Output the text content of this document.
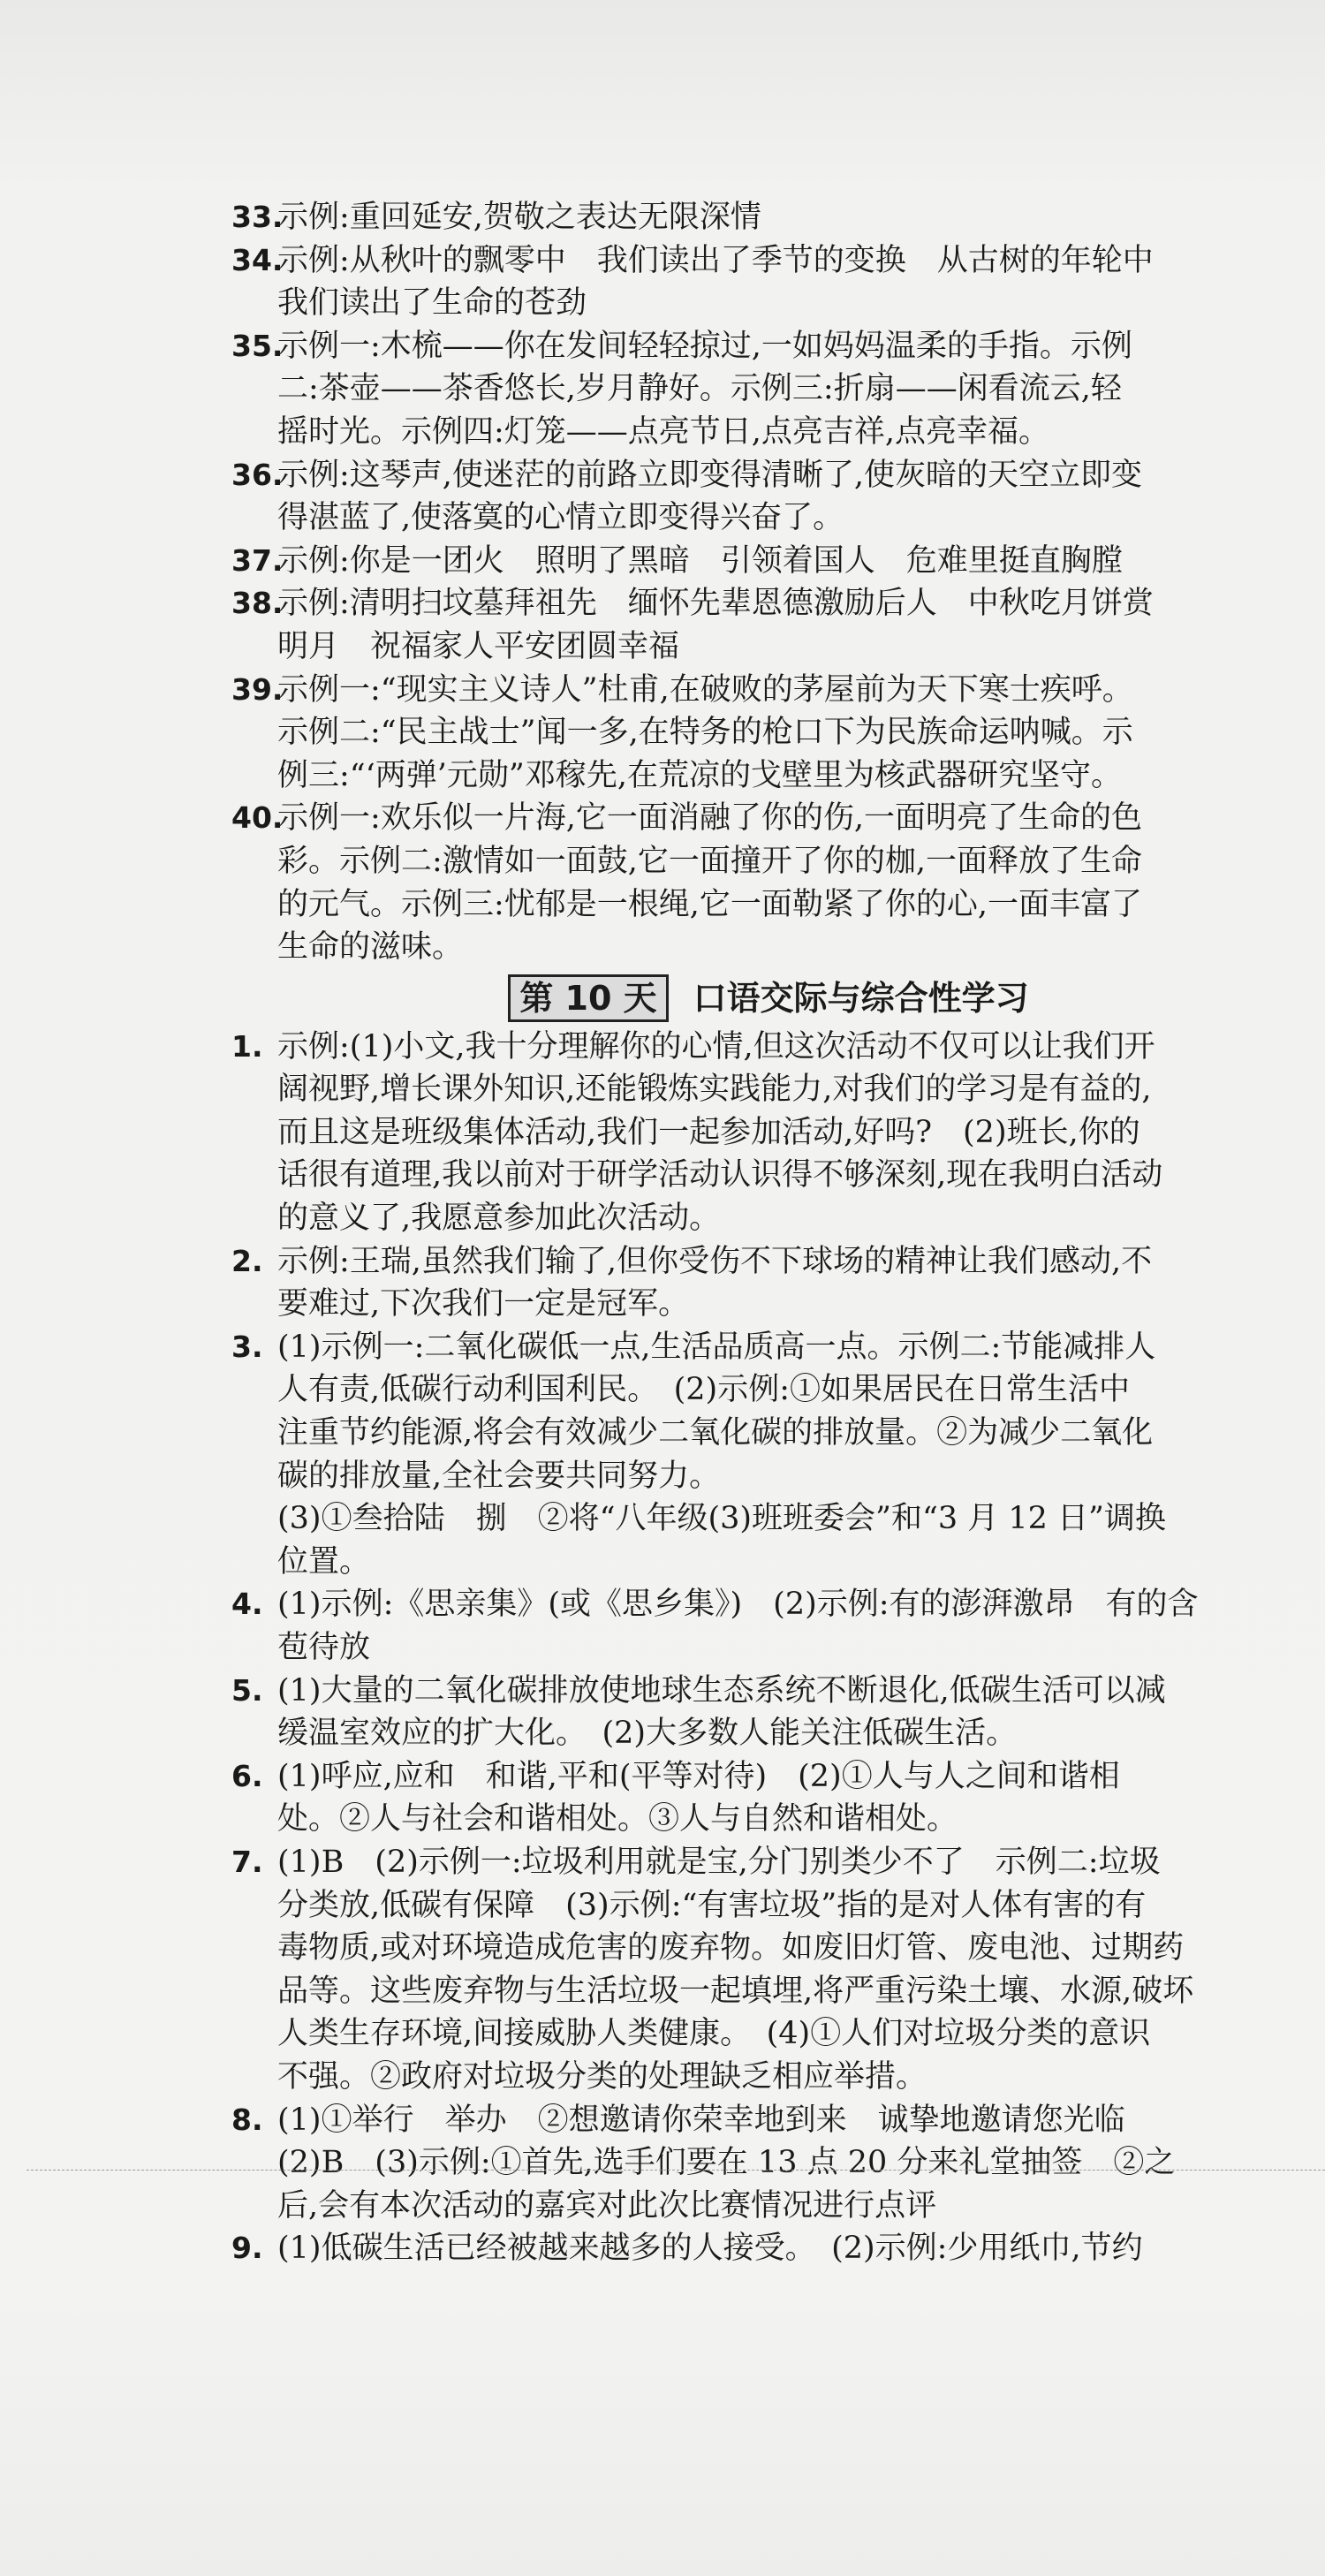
33.
示例:重回延安,贺敬之表达无限深情
34.
示例:从秋叶的飘零中　我们读出了季节的变换　从古树的年轮中
我们读出了生命的苍劲
35.
示例一:木梳——你在发间轻轻掠过,一如妈妈温柔的手指。示例
二:茶壶——茶香悠长,岁月静好。示例三:折扇——闲看流云,轻
摇时光。示例四:灯笼——点亮节日,点亮吉祥,点亮幸福。
36.
示例:这琴声,使迷茫的前路立即变得清晰了,使灰暗的天空立即变
得湛蓝了,使落寞的心情立即变得兴奋了。
37.
示例:你是一团火　照明了黑暗　引领着国人　危难里挺直胸膛
38.
示例:清明扫坟墓拜祖先　缅怀先辈恩德激励后人　中秋吃月饼赏
明月　祝福家人平安团圆幸福
39.
示例一:“现实主义诗人”杜甫,在破败的茅屋前为天下寒士疾呼。
示例二:“民主战士”闻一多,在特务的枪口下为民族命运呐喊。示
例三:“‘两弹’元勋”邓稼先,在荒凉的戈壁里为核武器研究坚守。
40.
示例一:欢乐似一片海,它一面消融了你的伤,一面明亮了生命的色
彩。示例二:激情如一面鼓,它一面撞开了你的枷,一面释放了生命
的元气。示例三:忧郁是一根绳,它一面勒紧了你的心,一面丰富了
生命的滋味。
第 10 天 口语交际与综合性学习
1. 示例:(1)小文,我十分理解你的心情,但这次活动不仅可以让我们开
阔视野,增长课外知识,还能锻炼实践能力,对我们的学习是有益的,
而且这是班级集体活动,我们一起参加活动,好吗?　(2)班长,你的
话很有道理,我以前对于研学活动认识得不够深刻,现在我明白活动
的意义了,我愿意参加此次活动。
2. 示例:王瑞,虽然我们输了,但你受伤不下球场的精神让我们感动,不
要难过,下次我们一定是冠军。
3. (1)示例一:二氧化碳低一点,生活品质高一点。示例二:节能减排人
人有责,低碳行动利国利民。　(2)示例:①如果居民在日常生活中
注重节约能源,将会有效减少二氧化碳的排放量。②为减少二氧化
碳的排放量,全社会要共同努力。
(3)①叁拾陆　捌　②将“八年级(3)班班委会”和“3 月 12 日”调换
位置。
4. (1)示例:《思亲集》(或《思乡集》)　(2)示例:有的澎湃激昂　有的含
苞待放
5. (1)大量的二氧化碳排放使地球生态系统不断退化,低碳生活可以减
缓温室效应的扩大化。　(2)大多数人能关注低碳生活。
6. (1)呼应,应和　和谐,平和(平等对待)　(2)①人与人之间和谐相
处。②人与社会和谐相处。③人与自然和谐相处。
7. (1)B　(2)示例一:垃圾利用就是宝,分门别类少不了　示例二:垃圾
分类放,低碳有保障　(3)示例:“有害垃圾”指的是对人体有害的有
毒物质,或对环境造成危害的废弃物。如废旧灯管、废电池、过期药
品等。这些废弃物与生活垃圾一起填埋,将严重污染土壤、水源,破坏
人类生存环境,间接威胁人类健康。　(4)①人们对垃圾分类的意识
不强。②政府对垃圾分类的处理缺乏相应举措。
8. (1)①举行　举办　②想邀请你荣幸地到来　诚挚地邀请您光临
(2)B　(3)示例:①首先,选手们要在 13 点 20 分来礼堂抽签　②之
后,会有本次活动的嘉宾对此次比赛情况进行点评
9. (1)低碳生活已经被越来越多的人接受。　(2)示例:少用纸巾,节约
